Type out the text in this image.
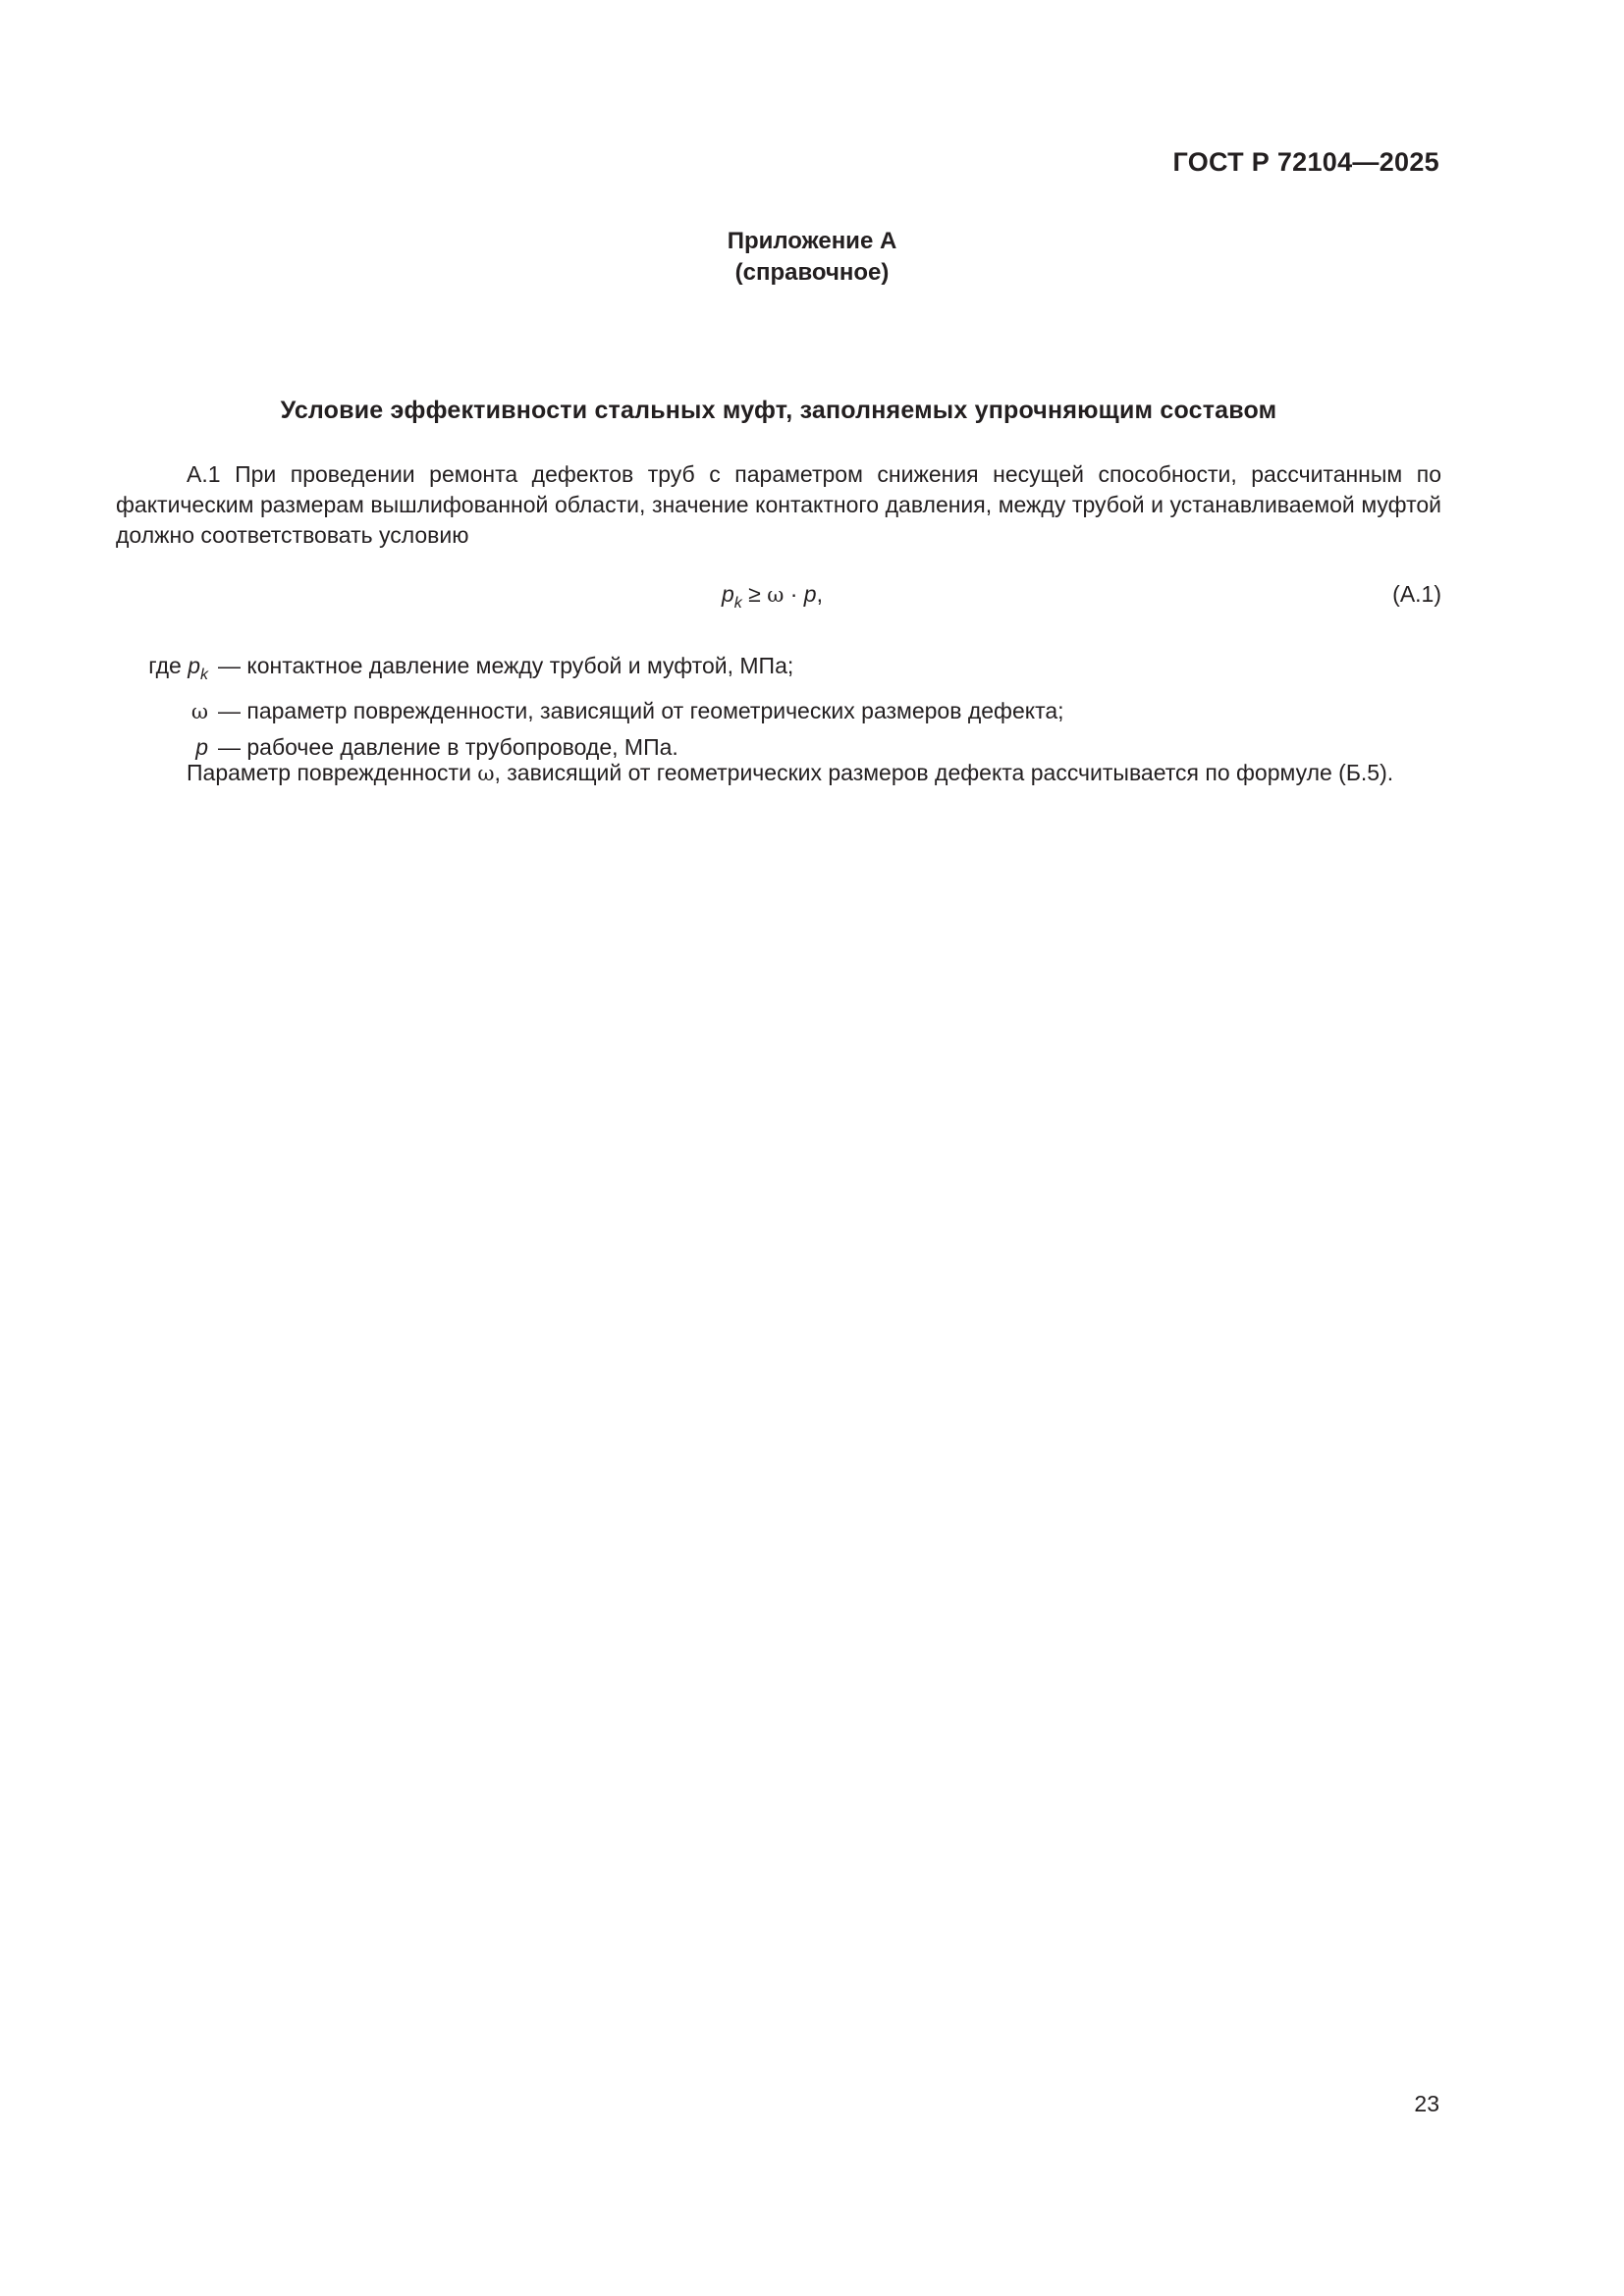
ГОСТ Р 72104—2025
Приложение А
(справочное)
Условие эффективности стальных муфт, заполняемых упрочняющим составом
А.1 При проведении ремонта дефектов труб с параметром снижения несущей способности, рассчитанным по фактическим размерам вышлифованной области, значение контактного давления, между трубой и устанавливаемой муфтой должно соответствовать условию
$p_k \ge \omega \cdot p$,	(А.1)
где $p_k$ —
контактное давление между трубой и муфтой, МПа;
ω —
параметр поврежденности, зависящий от геометрических размеров дефекта;
p —
рабочее давление в трубопроводе, МПа.
Параметр поврежденности ω, зависящий от геометрических размеров дефекта рассчитывается по формуле (Б.5).
23
